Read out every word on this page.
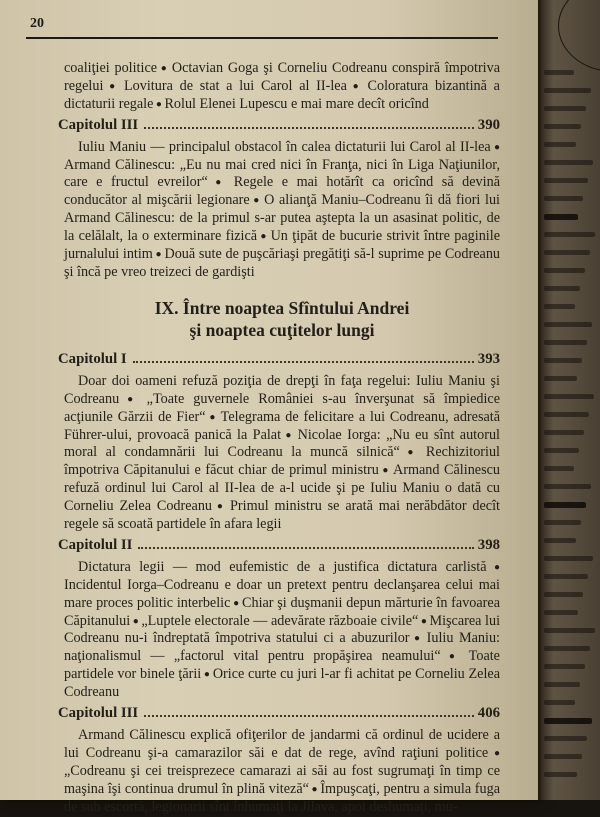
20

coaliţiei politice ● Octavian Goga şi Corneliu Codreanu conspiră împotriva regelui ● Lovitura de stat a lui Carol al II-lea ● Coloratura bizantină a dictaturii regale ● Rolul Elenei Lupescu e mai mare decît oricînd

Capitolul III	390

Iuliu Maniu — principalul obstacol în calea dictaturii lui Carol al II-lea ● Armand Călinescu: „Eu nu mai cred nici în Franţa, nici în Liga Naţiunilor, care e fructul evreilor“ ● Regele e mai hotărît ca oricînd să devină conducător al mişcării legionare ● O alianţă Maniu–Codreanu îi dă fiori lui Armand Călinescu: de la primul s-ar putea aştepta la un asasinat politic, de la celălalt, la o exterminare fizică ● Un ţipăt de bucurie strivit între paginile jurnalului intim ● Două sute de puşcăriaşi pregătiţi să-l suprime pe Codreanu şi încă pe vreo treizeci de gardişti

IX. Între noaptea Sfîntului Andrei
şi noaptea cuţitelor lungi
Capitolul I	393

Doar doi oameni refuză poziţia de drepţi în faţa regelui: Iuliu Maniu şi Codreanu ● „Toate guvernele României s-au înverşunat să împiedice acţiunile Gărzii de Fier“ ● Telegrama de felicitare a lui Codreanu, adresată Führer-ului, provoacă panică la Palat ● Nicolae Iorga: „Nu eu sînt autorul moral al condamnării lui Codreanu la muncă silnică“ ● Rechizitoriul împotriva Căpitanului e făcut chiar de primul ministru ● Armand Călinescu refuză ordinul lui Carol al II-lea de a-l ucide şi pe Iuliu Maniu o dată cu Corneliu Zelea Codreanu ● Primul ministru se arată mai nerăbdător decît regele să scoată partidele în afara legii

Capitolul II	398

Dictatura legii — mod eufemistic de a justifica dictatura carlistă ● Incidentul Iorga–Codreanu e doar un pretext pentru declanşarea celui mai mare proces politic interbelic ● Chiar şi duşmanii depun mărturie în favoarea Căpitanului ● „Luptele electorale — adevărate războaie civile“ ● Mişcarea lui Codreanu nu-i îndreptată împotriva statului ci a abuzurilor ● Iuliu Maniu: naţionalismul — „factorul vital pentru propăşirea neamului“ ● Toate partidele vor binele ţării ● Orice curte cu juri l-ar fi achitat pe Corneliu Zelea Codreanu

Capitolul III	406

Armand Călinescu explică ofiţerilor de jandarmi că ordinul de ucidere a lui Codreanu şi-a camarazilor săi e dat de rege, avînd raţiuni politice ● „Codreanu şi cei treisprezece camarazi ai săi au fost sugrumaţi în timp ce maşina îşi continua drumul în plină viteză“ ● Împuşcaţi, pentru a simula fuga de sub escortă, legionarii sînt înhumaţi la Jilava, apoi deshumaţi, mu-
